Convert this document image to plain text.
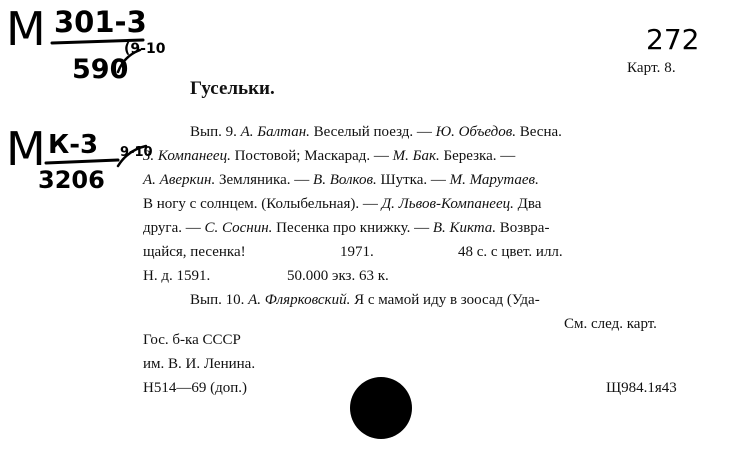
М 301-3
590
(9-10	272
М К-3
3206
9-10
Карт. 8.
Гусельки.
Вып. 9. А. Балтан. Веселый поезд. — Ю. Объедов. Весна.
З. Компанеец. Постовой; Маскарад. — М. Бак. Березка. —
А. Аверкин. Земляника. — В. Волков. Шутка. — М. Марутаев.
В ногу с солнцем. (Колыбельная). — Д. Львов-Компанеец. Два
друга. — С. Соснин. Песенка про книжку. — В. Кикта. Возвра-
щайся, песенка!	1971.	48 с. с цвет. илл.
Н. д. 1591.	50.000 экз. 63 к.
Вып. 10. А. Флярковский. Я с мамой иду в зоосад (Уда-
См. след. карт.
Гос. б-ка СССР
им. В. И. Ленина.
Н514—69 (доп.)	Щ984.1я43
